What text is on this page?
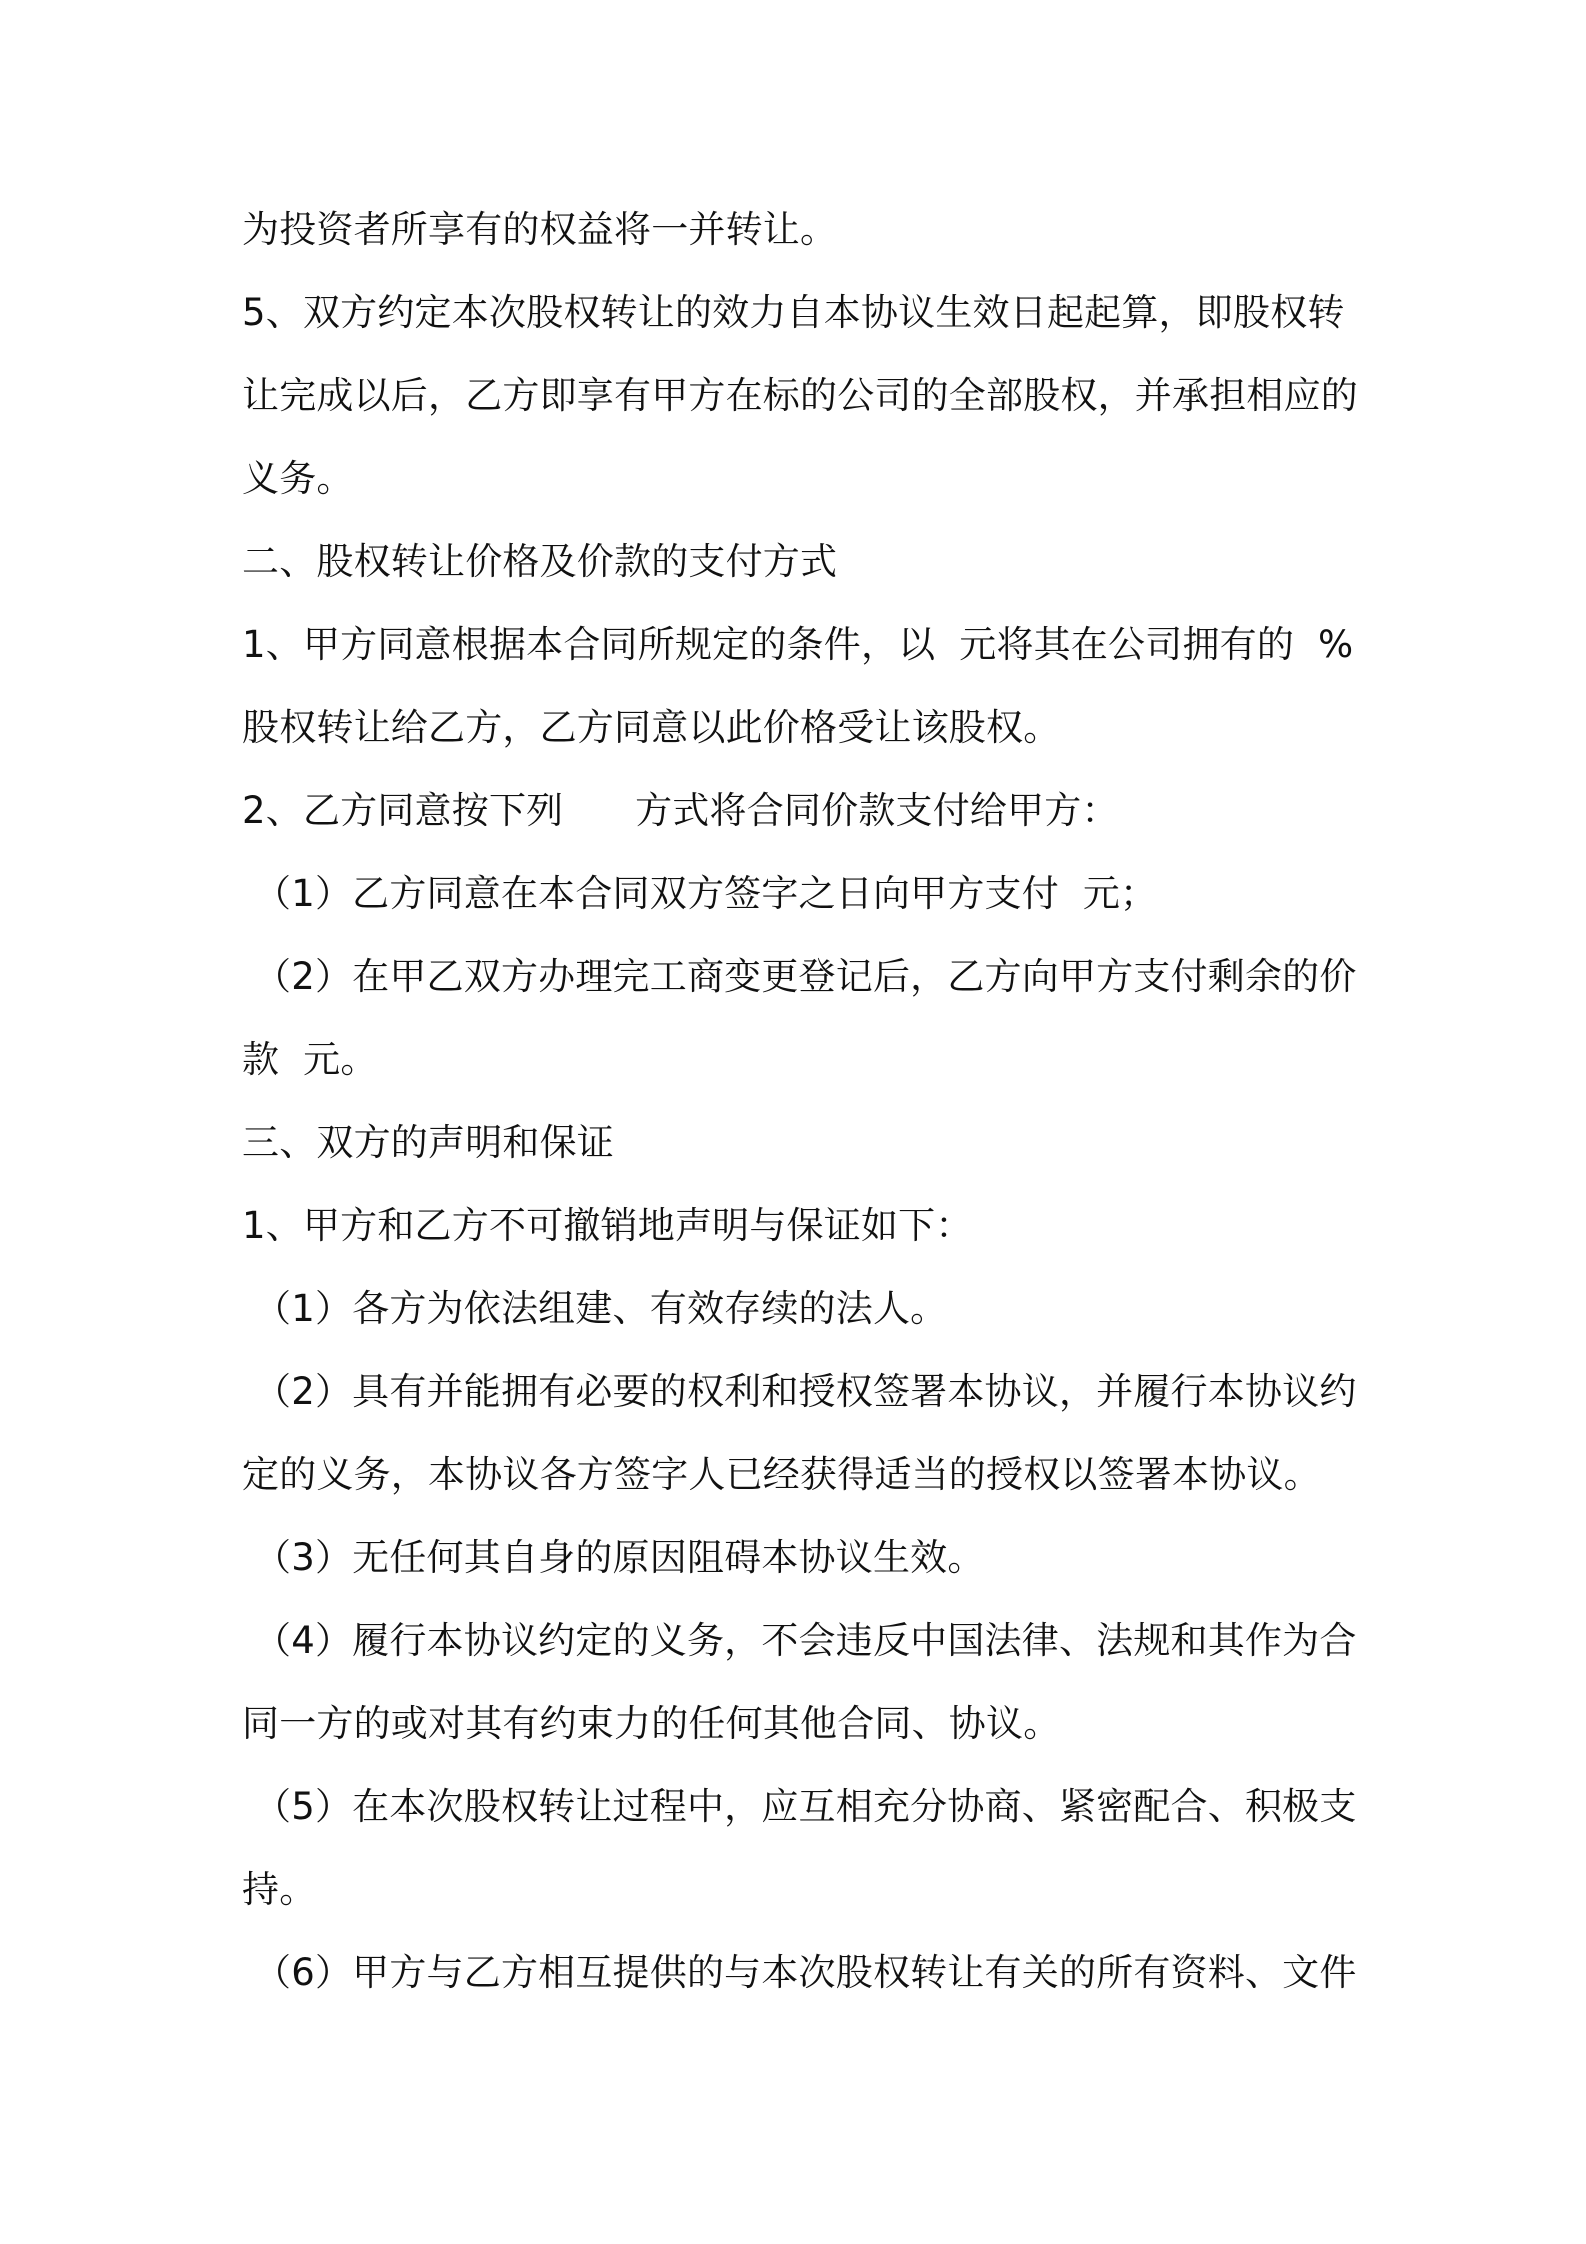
为投资者所享有的权益将一并转让。
5、双方约定本次股权转让的效力自本协议生效日起起算，即股权转
让完成以后，乙方即享有甲方在标的公司的全部股权，并承担相应的
义务。
二、股权转让价格及价款的支付方式
1、甲方同意根据本合同所规定的条件，以  元将其在公司拥有的  %
股权转让给乙方，乙方同意以此价格受让该股权。
2、乙方同意按下列      方式将合同价款支付给甲方：
（1）乙方同意在本合同双方签字之日向甲方支付  元；
（2）在甲乙双方办理完工商变更登记后，乙方向甲方支付剩余的价
款  元。
三、双方的声明和保证
1、甲方和乙方不可撤销地声明与保证如下：
（1）各方为依法组建、有效存续的法人。
（2）具有并能拥有必要的权利和授权签署本协议，并履行本协议约
定的义务，本协议各方签字人已经获得适当的授权以签署本协议。
（3）无任何其自身的原因阻碍本协议生效。
（4）履行本协议约定的义务，不会违反中国法律、法规和其作为合
同一方的或对其有约束力的任何其他合同、协议。
（5）在本次股权转让过程中，应互相充分协商、紧密配合、积极支
持。
（6）甲方与乙方相互提供的与本次股权转让有关的所有资料、文件
